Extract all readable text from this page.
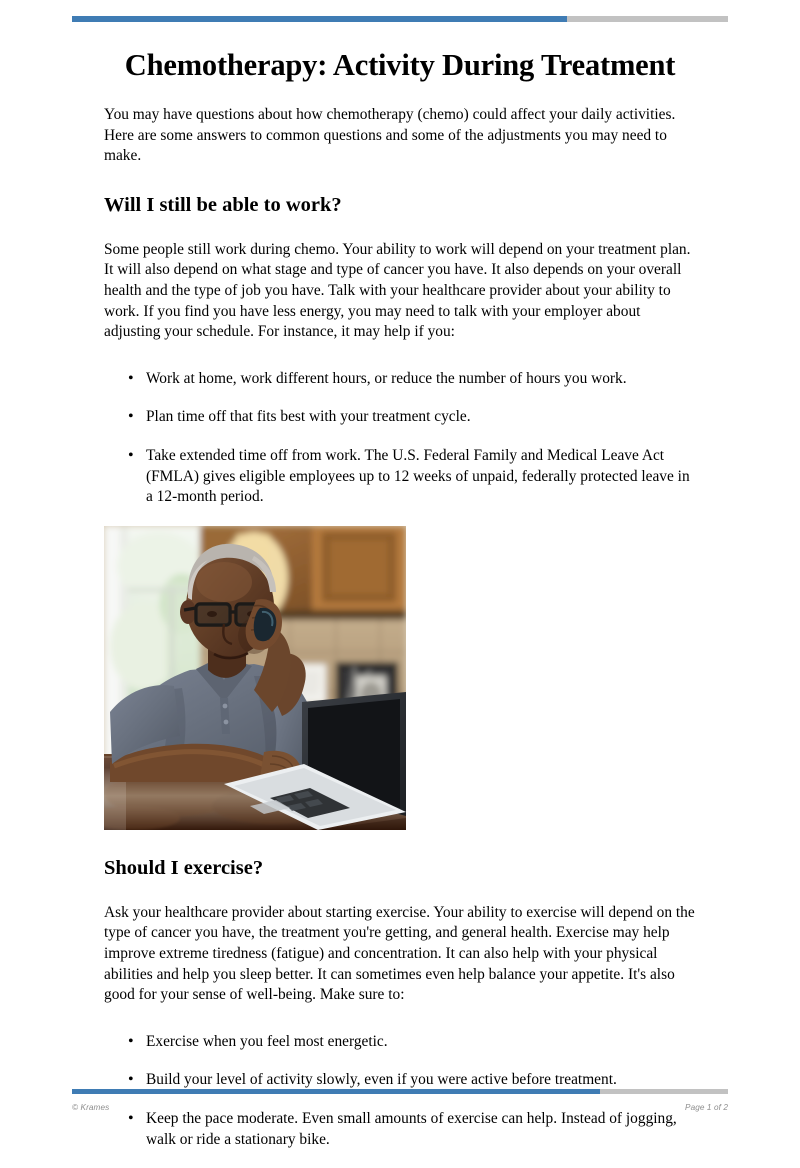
Chemotherapy: Activity During Treatment

You may have questions about how chemotherapy (chemo) could affect your daily activities. Here are some answers to common questions and some of the adjustments you may need to make.

Will I still be able to work?

Some people still work during chemo. Your ability to work will depend on your treatment plan. It will also depend on what stage and type of cancer you have. It also depends on your overall health and the type of job you have. Talk with your healthcare provider about your ability to work. If you find you have less energy, you may need to talk with your employer about adjusting your schedule. For instance, it may help if you:

• Work at home, work different hours, or reduce the number of hours you work.
• Plan time off that fits best with your treatment cycle.
• Take extended time off from work. The U.S. Federal Family and Medical Leave Act (FMLA) gives eligible employees up to 12 weeks of unpaid, federally protected leave in a 12-month period.
Should I exercise?

Ask your healthcare provider about starting exercise. Your ability to exercise will depend on the type of cancer you have, the treatment you're getting, and general health. Exercise may help improve extreme tiredness (fatigue) and concentration. It can also help with your physical abilities and help you sleep better. It can sometimes even help balance your appetite. It's also good for your sense of well-being. Make sure to:

• Exercise when you feel most energetic.
• Build your level of activity slowly, even if you were active before treatment.
• Keep the pace moderate. Even small amounts of exercise can help. Instead of jogging, walk or ride a stationary bike.
© Krames	Page 1 of 2
